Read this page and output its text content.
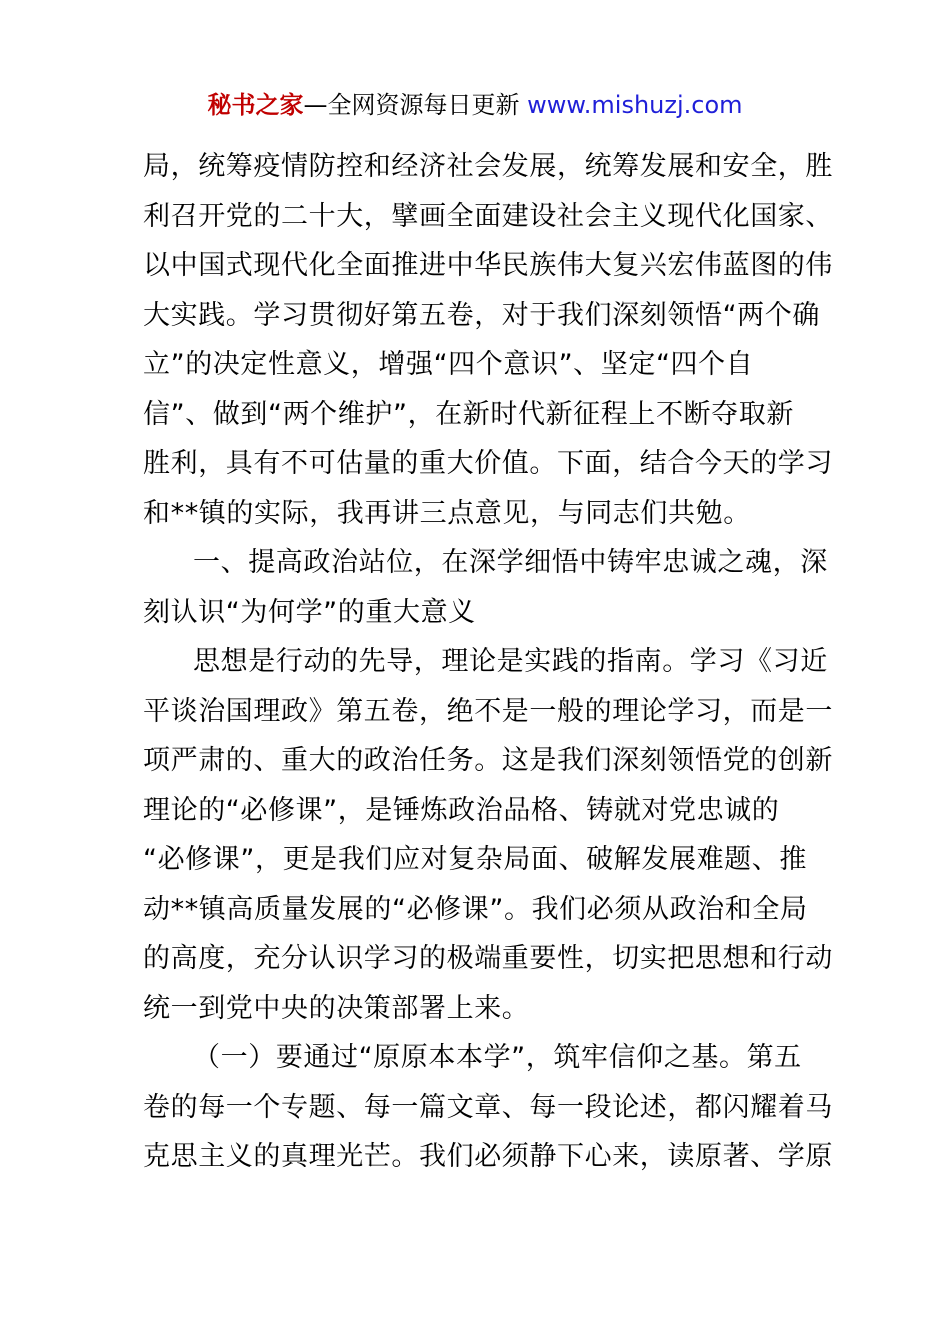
秘书之家—全网资源每日更新 www.mishuzj.com
局，统筹疫情防控和经济社会发展，统筹发展和安全，胜
利召开党的二十大，擘画全面建设社会主义现代化国家、
以中国式现代化全面推进中华民族伟大复兴宏伟蓝图的伟
大实践。学习贯彻好第五卷，对于我们深刻领悟“两个确
立”的决定性意义，增强“四个意识”、坚定“四个自
信”、做到“两个维护”，在新时代新征程上不断夺取新
胜利，具有不可估量的重大价值。下面，结合今天的学习
和**镇的实际，我再讲三点意见，与同志们共勉。
一、提高政治站位，在深学细悟中铸牢忠诚之魂，深
刻认识“为何学”的重大意义
思想是行动的先导，理论是实践的指南。学习《习近
平谈治国理政》第五卷，绝不是一般的理论学习，而是一
项严肃的、重大的政治任务。这是我们深刻领悟党的创新
理论的“必修课”，是锤炼政治品格、铸就对党忠诚的
“必修课”，更是我们应对复杂局面、破解发展难题、推
动**镇高质量发展的“必修课”。我们必须从政治和全局
的高度，充分认识学习的极端重要性，切实把思想和行动
统一到党中央的决策部署上来。
（一）要通过“原原本本学”，筑牢信仰之基。第五
卷的每一个专题、每一篇文章、每一段论述，都闪耀着马
克思主义的真理光芒。我们必须静下心来，读原著、学原
